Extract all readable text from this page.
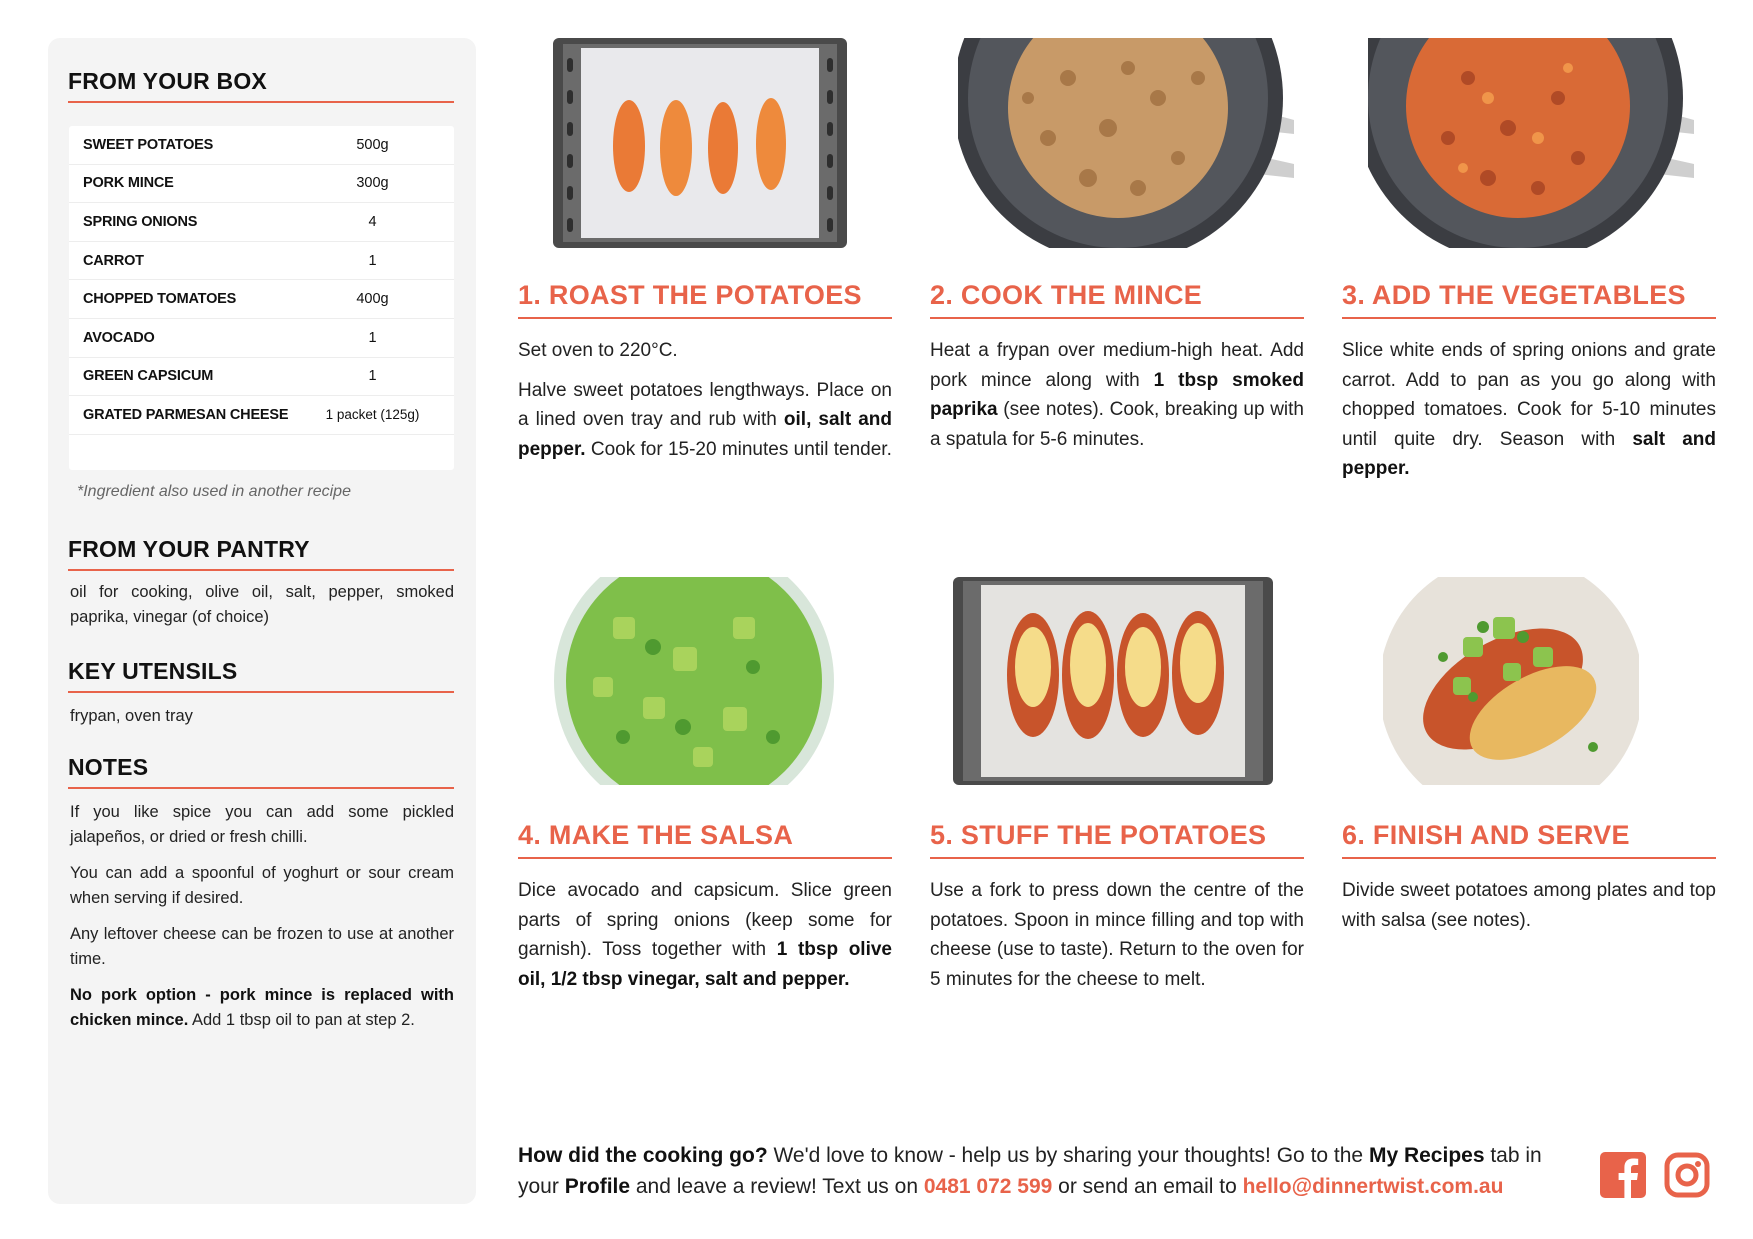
FROM YOUR BOX
SWEET POTATOES	500g
PORK MINCE	300g
SPRING ONIONS	4
CARROT	1
CHOPPED TOMATOES	400g
AVOCADO	1
GREEN CAPSICUM	1
GRATED PARMESAN CHEESE	1 packet (125g)
*Ingredient also used in another recipe
FROM YOUR PANTRY
oil for cooking, olive oil, salt, pepper, smoked paprika, vinegar (of choice)
KEY UTENSILS
frypan, oven tray
NOTES

If you like spice you can add some pickled jalapeños, or dried or fresh chilli.

You can add a spoonful of yoghurt or sour cream when serving if desired.

Any leftover cheese can be frozen to use at another time.

No pork option - pork mince is replaced with chicken mince. Add 1 tbsp oil to pan at step 2.

1. ROAST THE POTATOES

Set oven to 220°C.

Halve sweet potatoes lengthways. Place on a lined oven tray and rub with oil, salt and pepper. Cook for 15-20 minutes until tender.

2. COOK THE MINCE

Heat a frypan over medium-high heat. Add pork mince along with 1 tbsp smoked paprika (see notes). Cook, breaking up with a spatula for 5-6 minutes.

3. ADD THE VEGETABLES

Slice white ends of spring onions and grate carrot. Add to pan as you go along with chopped tomatoes. Cook for 5-10 minutes until quite dry. Season with salt and pepper.

4. MAKE THE SALSA

Dice avocado and capsicum. Slice green parts of spring onions (keep some for garnish). Toss together with 1 tbsp olive oil, 1/2 tbsp vinegar, salt and pepper.

5. STUFF THE POTATOES

Use a fork to press down the centre of the potatoes. Spoon in mince filling and top with cheese (use to taste). Return to the oven for 5 minutes for the cheese to melt.

6. FINISH AND SERVE

Divide sweet potatoes among plates and top with salsa (see notes).

How did the cooking go? We'd love to know - help us by sharing your thoughts! Go to the My Recipes tab in your Profile and leave a review! Text us on 0481 072 599 or send an email to hello@dinnertwist.com.au
